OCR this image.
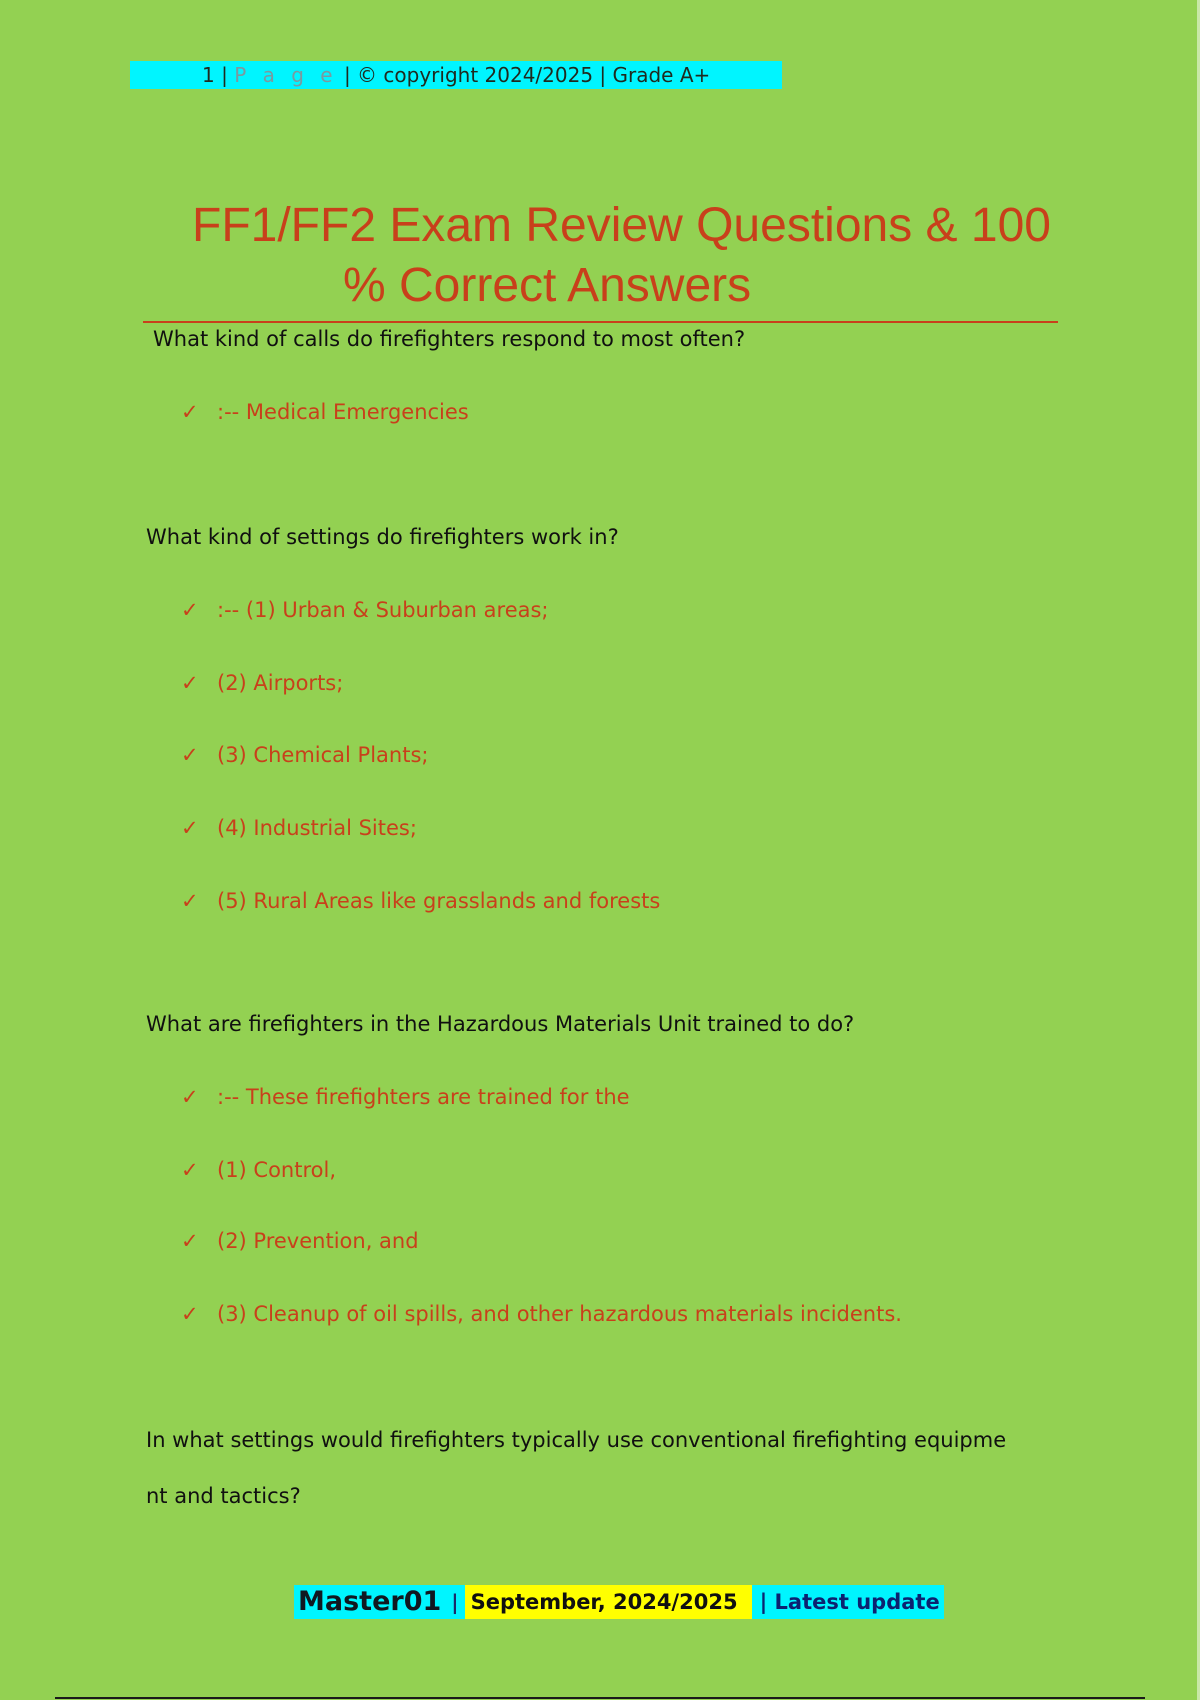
1 | P a g e | © copyright 2024/2025 | Grade A+
FF1/FF2 Exam Review Questions & 100
% Correct Answers
What kind of calls do firefighters respond to most often?
✓ :-- Medical Emergencies
What kind of settings do firefighters work in?
✓ :-- (1) Urban & Suburban areas;
✓ (2) Airports;
✓ (3) Chemical Plants;
✓ (4) Industrial Sites;
✓ (5) Rural Areas like grasslands and forests
What are firefighters in the Hazardous Materials Unit trained to do?
✓ :-- These firefighters are trained for the
✓ (1) Control,
✓ (2) Prevention, and
✓ (3) Cleanup of oil spills, and other hazardous materials incidents.
In what settings would firefighters typically use conventional firefighting equipme
nt and tactics?
Master01 | September, 2024/2025 | Latest update
